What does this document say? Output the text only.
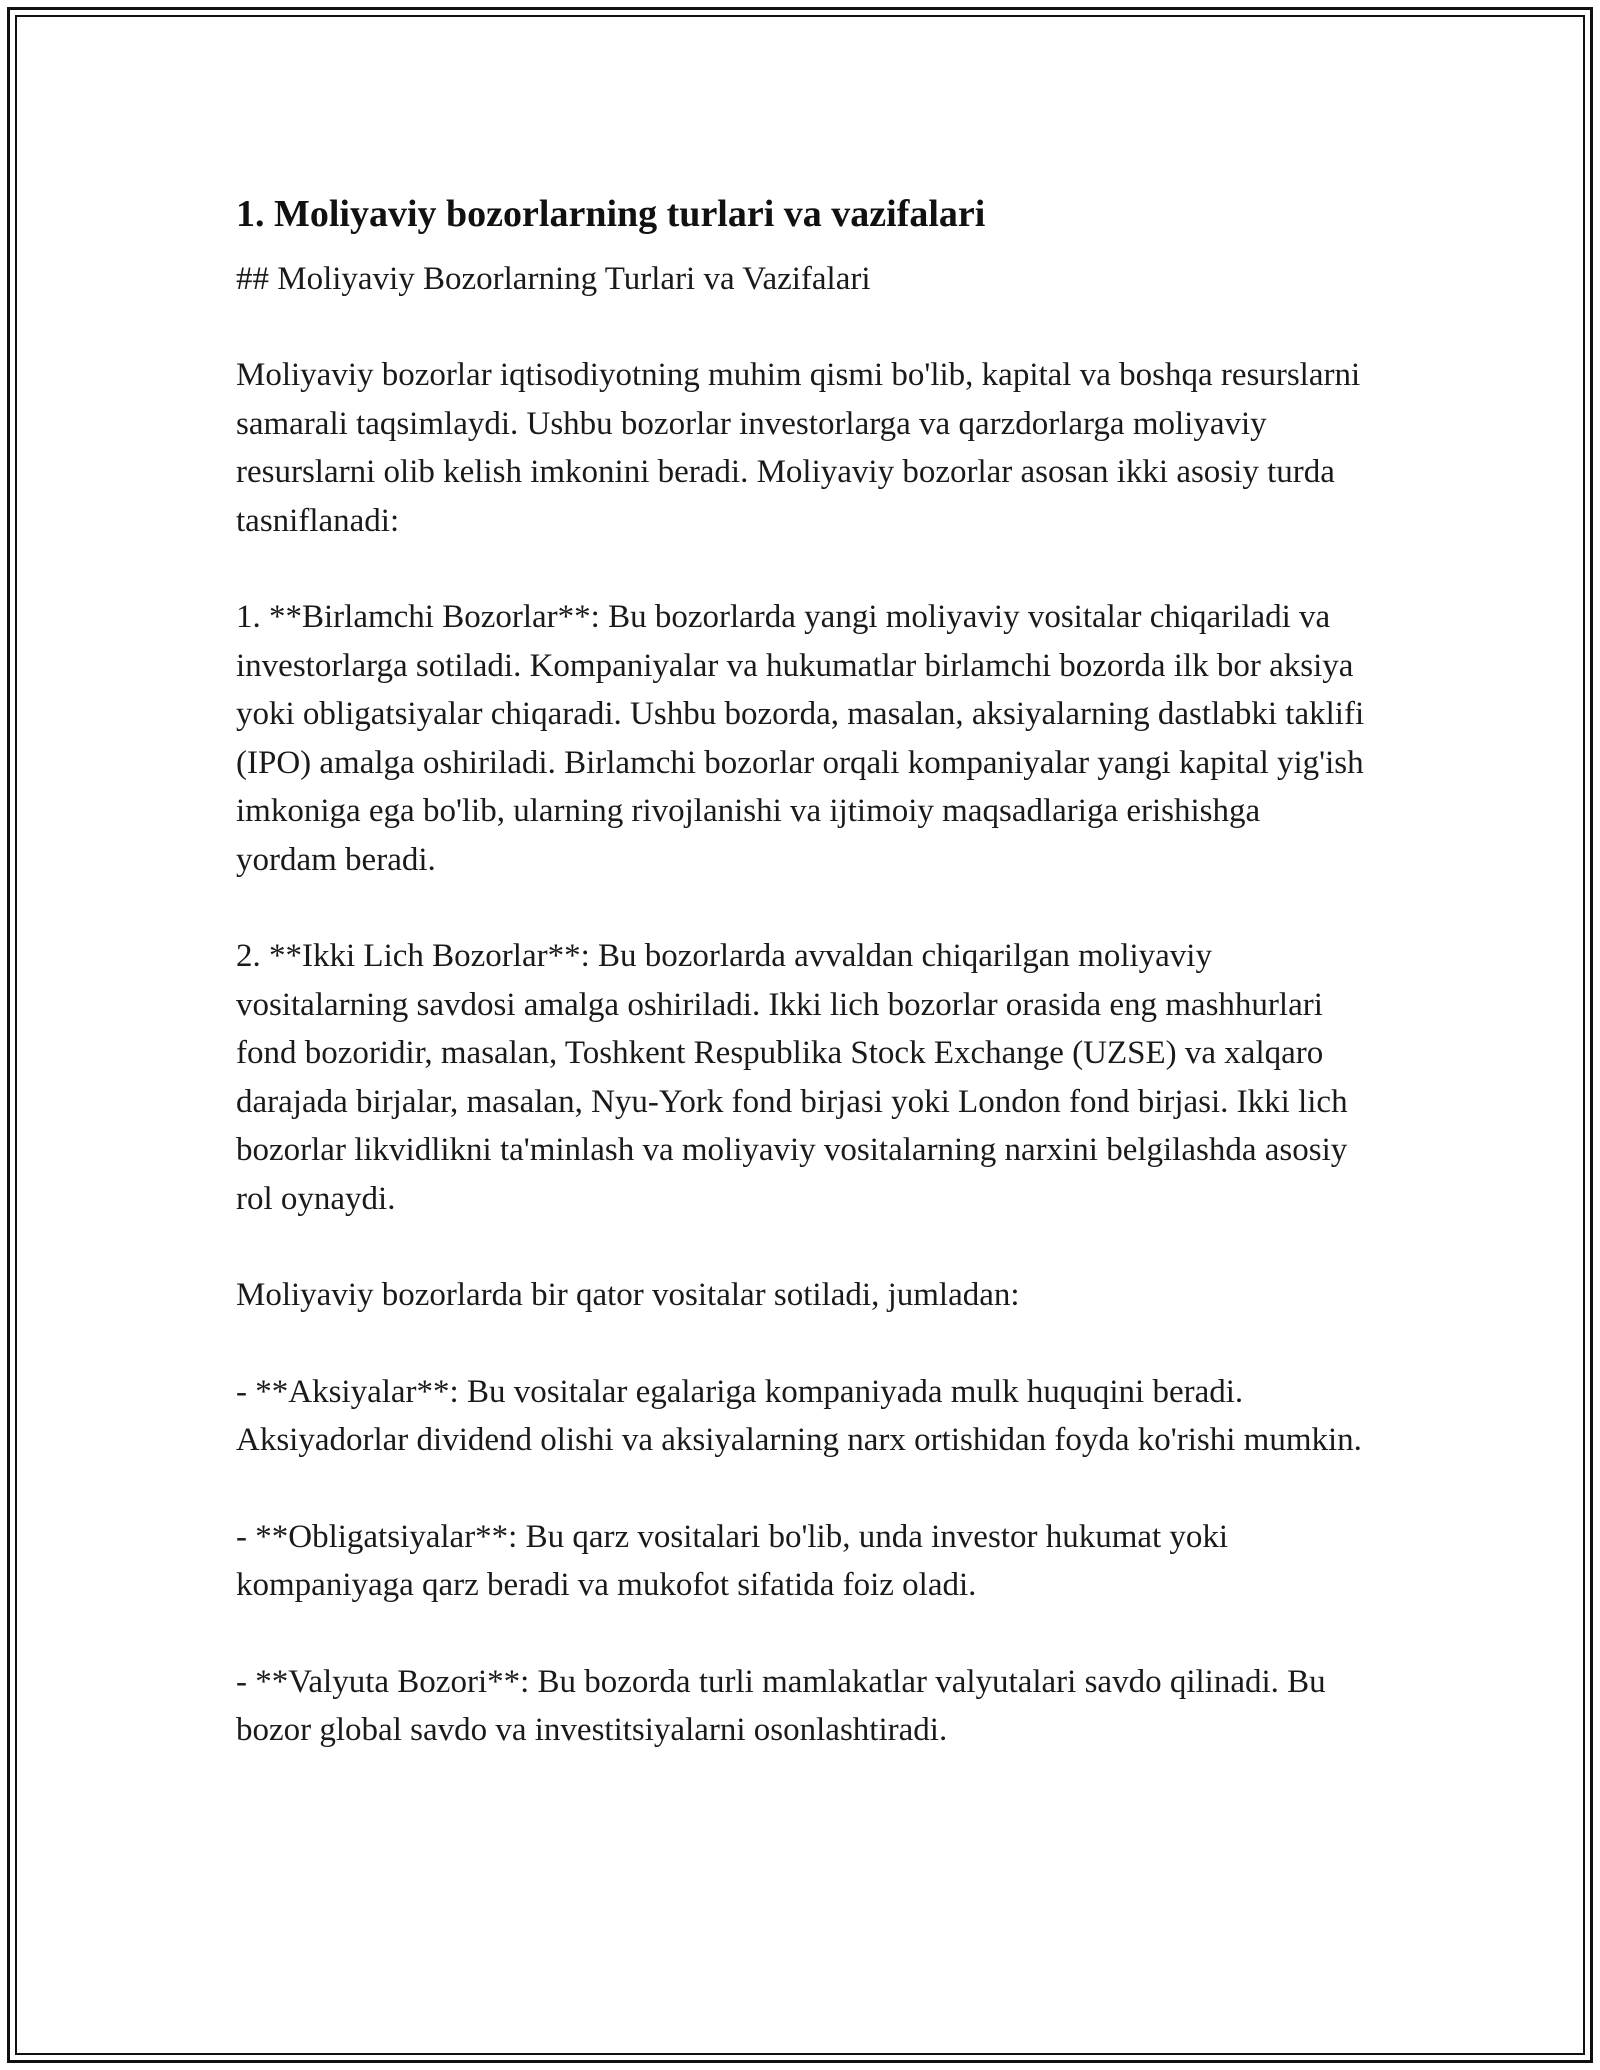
1. Moliyaviy bozorlarning turlari va vazifalari

## Moliyaviy Bozorlarning Turlari va Vazifalari

Moliyaviy bozorlar iqtisodiyotning muhim qismi bo'lib, kapital va boshqa resurslarni samarali taqsimlaydi. Ushbu bozorlar investorlarga va qarzdorlarga moliyaviy resurslarni olib kelish imkonini beradi. Moliyaviy bozorlar asosan ikki asosiy turda tasniflanadi:

1. **Birlamchi Bozorlar**: Bu bozorlarda yangi moliyaviy vositalar chiqariladi va investorlarga sotiladi. Kompaniyalar va hukumatlar birlamchi bozorda ilk bor aksiya yoki obligatsiyalar chiqaradi. Ushbu bozorda, masalan, aksiyalarning dastlabki taklifi (IPO) amalga oshiriladi. Birlamchi bozorlar orqali kompaniyalar yangi kapital yig'ish imkoniga ega bo'lib, ularning rivojlanishi va ijtimoiy maqsadlariga erishishga yordam beradi.

2. **Ikki Lich Bozorlar**: Bu bozorlarda avvaldan chiqarilgan moliyaviy vositalarning savdosi amalga oshiriladi. Ikki lich bozorlar orasida eng mashhurlari fond bozoridir, masalan, Toshkent Respublika Stock Exchange (UZSE) va xalqaro darajada birjalar, masalan, Nyu-York fond birjasi yoki London fond birjasi. Ikki lich bozorlar likvidlikni ta'minlash va moliyaviy vositalarning narxini belgilashda asosiy rol oynaydi.

Moliyaviy bozorlarda bir qator vositalar sotiladi, jumladan:

- **Aksiyalar**: Bu vositalar egalariga kompaniyada mulk huquqini beradi. Aksiyadorlar dividend olishi va aksiyalarning narx ortishidan foyda ko'rishi mumkin.

- **Obligatsiyalar**: Bu qarz vositalari bo'lib, unda investor hukumat yoki kompaniyaga qarz beradi va mukofot sifatida foiz oladi.

- **Valyuta Bozori**: Bu bozorda turli mamlakatlar valyutalari savdo qilinadi. Bu bozor global savdo va investitsiyalarni osonlashtiradi.
